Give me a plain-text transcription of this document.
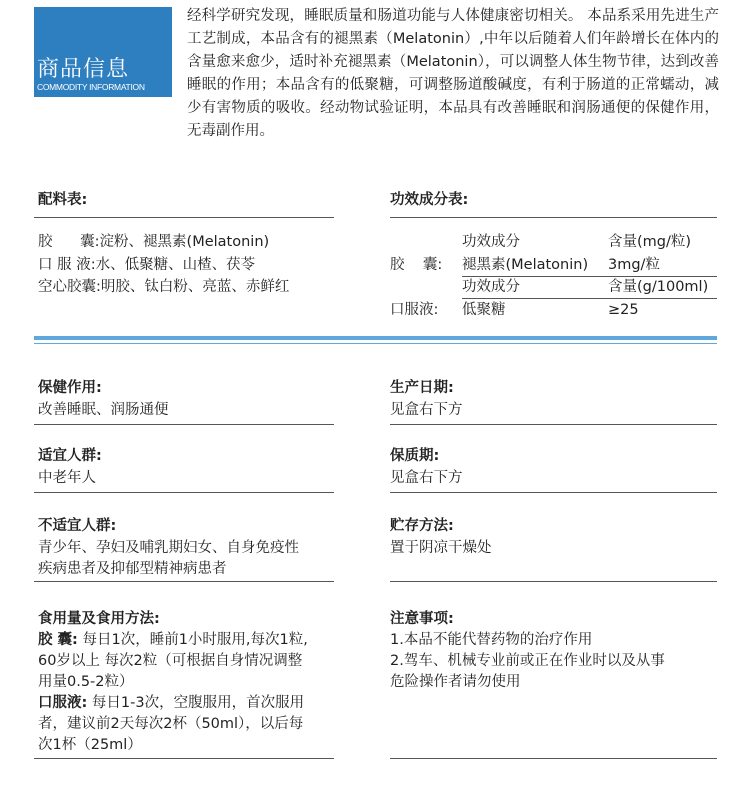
商品信息
COMMODITY INFORMATION
经科学研究发现，睡眠质量和肠道功能与人体健康密切相关。 本品系采用先进生产工艺制成，本品含有的褪黑素（Melatonin）,中年以后随着人们年龄增长在体内的含量愈来愈少，适时补充褪黑素（Melatonin），可以调整人体生物节律，达到改善睡眠的作用；本品含有的低聚糖，可调整肠道酸碱度，有利于肠道的正常蠕动，减少有害物质的吸收。经动物试验证明，本品具有改善睡眠和润肠通便的保健作用，无毒副作用。
配料表:
胶      囊:淀粉、褪黑素(Melatonin)
口 服 液:水、低聚糖、山楂、茯苓
空心胶囊:明胶、钛白粉、亮蓝、赤鲜红
功效成分表:
功效成分	含量(mg/粒)
胶    囊: 褪黑素(Melatonin) 3mg/粒
功效成分	含量(g/100ml)
口服液: 低聚糖	≥25
保健作用:
改善睡眠、润肠通便
生产日期:
见盒右下方
适宜人群:
中老年人
保质期:
见盒右下方
不适宜人群:
青少年、孕妇及哺乳期妇女、自身免疫性
疾病患者及抑郁型精神病患者
贮存方法:
置于阴凉干燥处
食用量及食用方法:
胶 囊: 每日1次，睡前1小时服用,每次1粒,
60岁以上 每次2粒（可根据自身情况调整
用量0.5-2粒）
口服液: 每日1-3次，空腹服用，首次服用
者，建议前2天每次2杯（50ml），以后每
次1杯（25ml）
注意事项:
1.本品不能代替药物的治疗作用
2.驾车、机械专业前或正在作业时以及从事
危险操作者请勿使用
